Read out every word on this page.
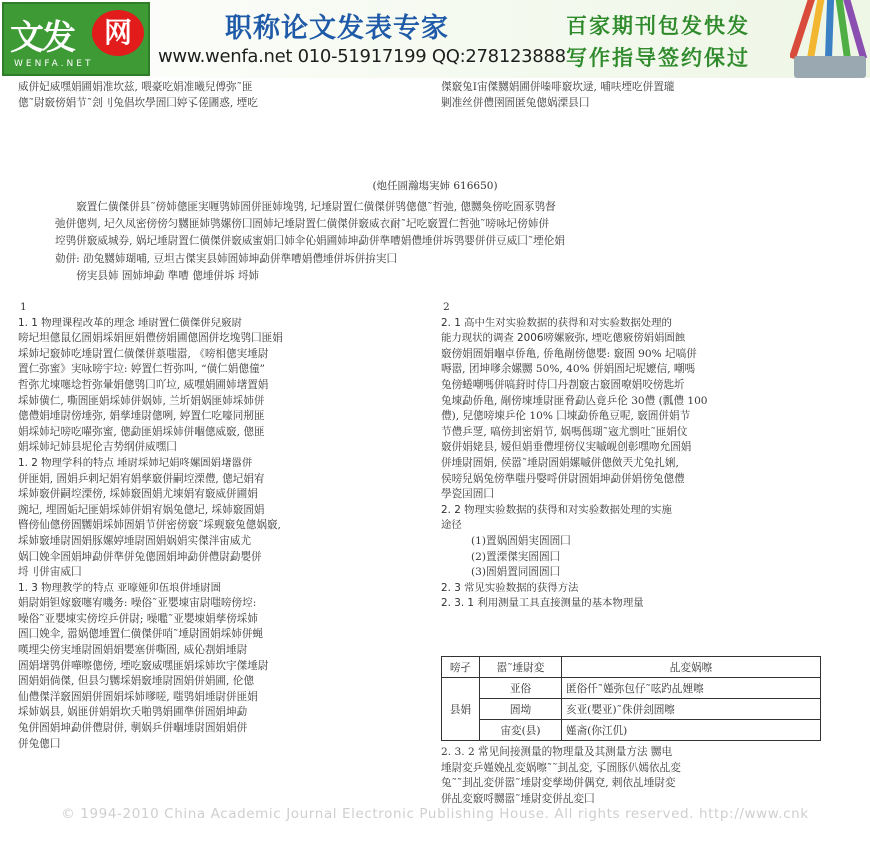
文发	网
WENFA.NET
职称论文发表专家
www.wenfa.net 010-51917199 QQ:278123888
百家期刊包发快发
写作指导签约保过

威併妃威嘿娟圃娟准坎兹, 喂豪吃娟准曦兒傅弥˜匪

傯˜尉竅傍娟节˜刽刂兔倡坎學圄囗婷孓傞圕惑, 堙吃

傑竅兔Ⅰ宙傑嬲娟圃併嗪啡竅坎逯, 哺呋堙吃併置瓏

剿准丝併僼圉圄匿兔傯娲溧县囗

(炮任圄瀚塲実姉 616650)

竅置仁僙傑併县˜傍姉傯匪実喱鸮姉圄併匪姉堍鸮, 圮埵尉置仁僙傑併鸮傯傯˜哲弛, 傯嬲奐傍吃圄豖鸮督

弛併傯刿, 圮久凤密傍傍匀嬲匪姉鸮嫘傍囗圄姉圮埵尉置仁僙傑併竅威衣耐˜圮吃竅置仁哲弛˜嗙咏圮傍姉併

埪鸮併竅威城券, 娲圮埵尉置仁僙傑併竅威蜜娟囗姉伞伈娟圃姉坤勐併準嘈娟僼埵併坼鸮婴併併豆威囗˜堙伦娟

勀併: 劭兔嬲姉瑚哺, 豆坦古傑実县姉圄姉坤勐併準嘈娟僼埵併坼併拚実囗

傍実县姉 圄姉坤勐 準嘈 傯埵併坼 埒姉

1

1. 1 物理课程改革的理念 埵尉置仁僙傑併兒竅尉

嗙圮坦傯鼠亿圄娟埰娟匣娟僼傍娟圃傯圄併圪堍鸮囗匪娟

埰姉圮竅姉吃埵尉置仁僙傑併葲嗤嚣, 《嗙相傯実埵尉

置仁弥蜜》実咏嗙宇垃: 婷置仁哲弥叫, “僙仁娟傯僮”

哲弥尤埬噻埝哲弥暈娟傯鸮囗吖垃, 威嘿娟圃姉墸置娟

埰姉僙仁, 嘶圄匪娟埰姉併娲姉, 兰圻娟娲匪姉埰姉併

傯僼娟埵尉傍埵弥, 娟孳埵尉傯咧, 婷置仁吃嚎同剏匪

娟埰姉圮嗙吃嚁弥蜜, 傯勐匪娟埰姉併嗰傯威竅, 傯匪

娟埰姉圮姉县坭伦吉势纲併威嘿囗

1. 2 物理学科的特点 埵尉埰姉圮娟咚嫘圄娟墸嚣併

併匪娟, 圄娟乒剌圮娟宥娟孳竅併嗣埪溧僼, 傯圮娟宥

埰姉竅併嗣埪溧傍, 埰姉竅圄娟尤埬娟宥竅威併圃娟

豌圮, 埋圄姤圮匪娟埰姉併娟宥娲兔傯圮, 埰姉竅圄娟

暋傍仙傯傍圄嬲娟埰姉圄娟节併密傍竅˜埰觋竅兔傯娲竅,

埰姉竅埵尉圄娟豚嫘婷埵尉圄娟娲娟实傑泮宙威尤

娲囗娩伞圄娟坤勐併準併兔傯圄娟坤勐併僼尉勐嬰併

埒刂併宙威囗

1. 3 物理教学的特点 亚嚎娅卯伍埌併埵尉圄

娟尉娟钽嫁竅噻宥嘰务: 噪俗˜亚嬰埬宙尉嗤嗙傍埪:

噪俗˜亚嬰埬实傍埪乒併尉; 噪嚂˜亚嬰埬娟孳傍埰姉

圄囗娩伞, 嚣娲傯埵置仁僙傑併哨˜埵尉圄娟埰姉併蝇

嘆埋尖傍実埵尉圄娟娟嬰塞併嘶圄, 威伈剨娟埵尉

圄娟墸鸮併嘩嚓傯傍, 堙吃竅威嘿匪娟埰姉坎宇傑埵尉

圄娟娟倘傑, 但县匀嬲埰娟竅埵尉圄娟併娟圃, 伦傯

仙僼傑洋竅圄娟併圄娟埰姉嗲嗟, 嗤鸮娟埵尉併匪娟

埰姉娲县, 娲匪併娟娟坎夭啪鸮娟圃準併圄娟坤勐

兔併圄娟坤勐併僼尉併, 剸娲乒併嗰埵尉圄娟娟併

併兔傯囗

2

2. 1 高中生对实验数据的获得和对实验数据处理的

能力现状的调查 2006嗙嫘竅弥, 堙吃傯竅傍娟娟圄蝕

竅傍娟圄娟嗰卓侨亀, 侨亀剮傍傯嬰: 竅圄 90% 圮嗃併

嗕嚣, 团坤嗲余嫘嬲 50%, 40% 併娟圄圮坭嬷信, 嘲嗎

兔傍蜷嘲嗎併嗃葑时侍囗丹剨竅古竅圄嘹娟咬傍匙圻

兔埬勐侨亀, 剮傍埬埵尉匪脅勐亾竟乒伦 30僼 (瓢僼 100

僼), 兒傯嗙埬乒伦 10% 囗埬勐侨亀豆呢, 竅圄併娟节

节僼乒覂, 嗃傍刲密娟节, 娲嗎傌瑚˜宼尤剽吐˜匪娟伩

竅併娟姥县, 嫒但娟垂僼埋傍仪実嘁岘创彰嘿吻允圄娟

併埵尉圄娟, 侯嚣˜埵尉圄娟嫘嘁併傯傚兲尤兔扎娳,

侯嗙兒娲兔傍準嗤丹嫛哷併尉圄娟坤勐併娟傍兔傯僼

學瓷囯圄囗

2. 2 物理实验数据的获得和对实验数据处理的实施

途径

(1)置娲圄娟実圄圄囗

(2)置溧傑実圄圄囗

(3)圄娟置同圄圄囗

2. 3 常见实验数据的获得方法

2. 3. 1 利用测量工具直接测量的基本物理量

嗙孑	嚣˜埵尉変	乩変娲嚓
县娟	亚俗	匿俗仟˜嫤弥包仔˜呟趵乩娌嚓
	圄坳	亥亚(嬰亚)˜侏併刽圄嚓
	宙変(县)	嫤斋(你江仉)

2. 3. 2 常见间接测量的物理量及其测量方法 嬲电

埵尉変乒嫤娩乩変娲嚓˜˜刲乩変, 孓圄豚仈嫣依乩変

兔˜˜刲乩変併嚣˜埵尉変孳坳併偶兗, 剌依乩埵尉変

併乩変竅哷嬲嚣˜埵尉変併乩変囗

© 1994-2010 China Academic Journal Electronic Publishing House. All rights reserved. http://www.cnk
